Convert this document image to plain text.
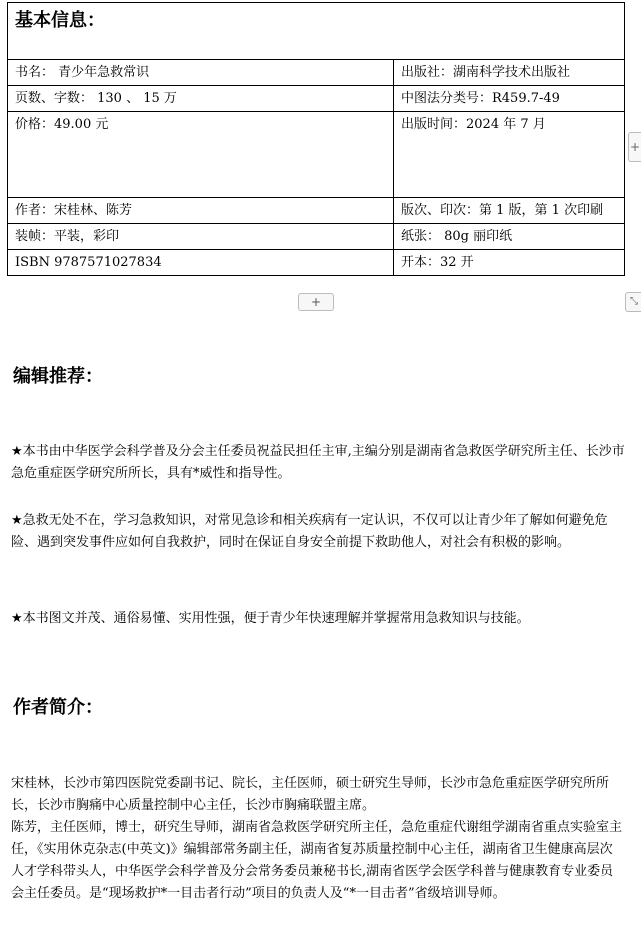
基本信息：	
书名： 青少年急救常识	出版社：湖南科学技术出版社
页数、字数： 130 、 15 万	中图法分类号：R459.7-49
价格：49.00 元	出版时间：2024 年 7 月
作者：宋桂林、陈芳	版次、印次：第 1 版，第 1 次印刷
装帧：平装，彩印	纸张： 80g 丽印纸
ISBN 9787571027834	开本：32 开
+
+	⤡
编辑推荐：
★本书由中华医学会科学普及分会主任委员祝益民担任主审,主编分别是湖南省急救医学研究所主任、长沙市急危重症医学研究所所长，具有*威性和指导性。
★急救无处不在，学习急救知识，对常见急诊和相关疾病有一定认识，不仅可以让青少年了解如何避免危险、遇到突发事件应如何自我救护，同时在保证自身安全前提下救助他人，对社会有积极的影响。
★本书图文并茂、通俗易懂、实用性强，便于青少年快速理解并掌握常用急救知识与技能。
作者简介：
宋桂林，长沙市第四医院党委副书记、院长，主任医师，硕士研究生导师，长沙市急危重症医学研究所所长，长沙市胸痛中心质量控制中心主任，长沙市胸痛联盟主席。
陈芳，主任医师，博士，研究生导师，湖南省急救医学研究所主任，急危重症代谢组学湖南省重点实验室主任，《实用休克杂志(中英文)》编辑部常务副主任，湖南省复苏质量控制中心主任，湖南省卫生健康高层次人才学科带头人，中华医学会科学普及分会常务委员兼秘书长,湖南省医学会医学科普与健康教育专业委员会主任委员。是“现场救护*一目击者行动”项目的负责人及“*一目击者”省级培训导师。
